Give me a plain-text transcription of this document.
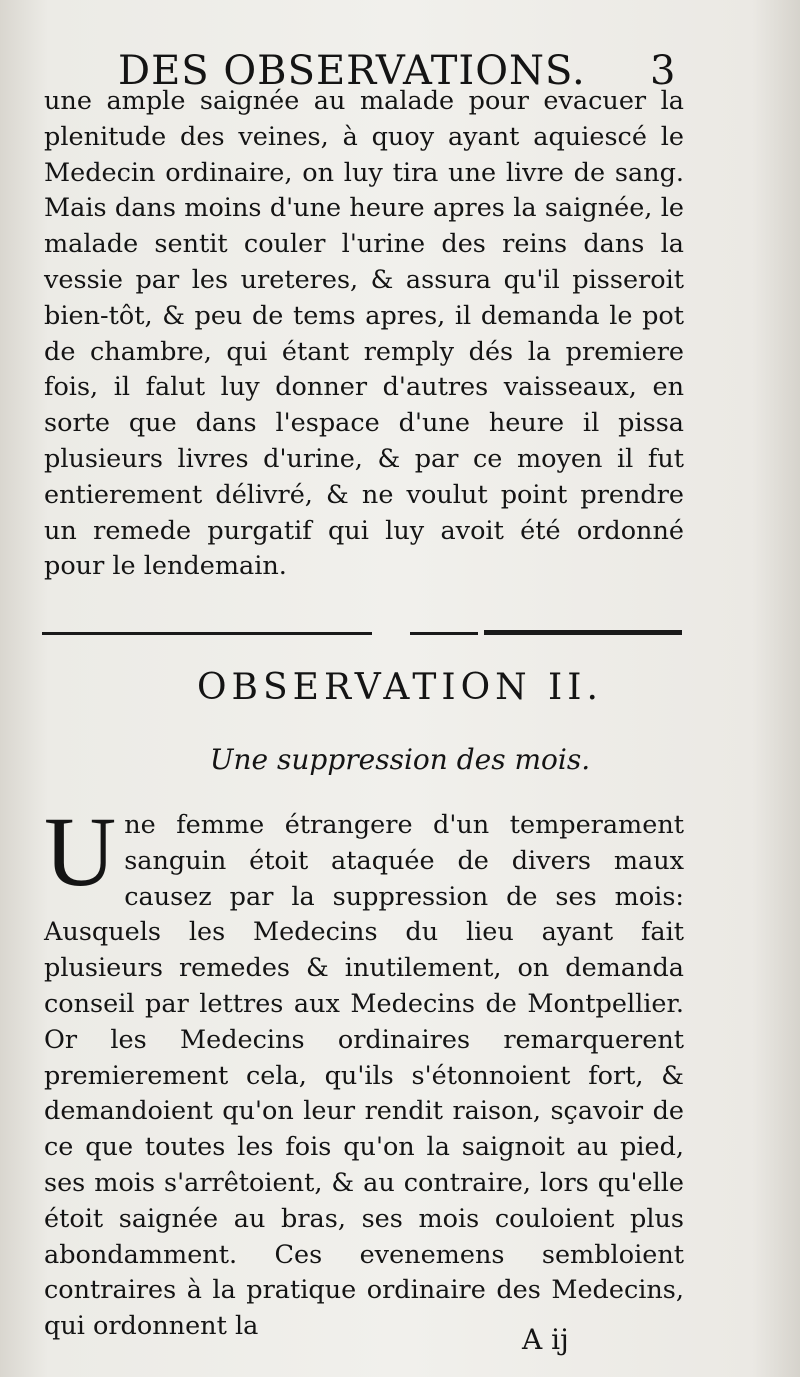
DES OBSERVATIONS. 3

une ample saignée au malade pour evacuer la plenitude des veines, à quoy ayant aquiescé le Medecin ordinaire, on luy tira une livre de sang. Mais dans moins d'une heure apres la saignée, le malade sentit couler l'urine des reins dans la vessie par les ureteres, & assura qu'il pisseroit bien-tôt, & peu de tems apres, il demanda le pot de chambre, qui étant remply dés la premiere fois, il falut luy donner d'autres vaisseaux, en sorte que dans l'espace d'une heure il pissa plusieurs livres d'urine, & par ce moyen il fut entierement délivré, & ne voulut point prendre un remede purgatif qui luy avoit été ordonné pour le lendemain.

OBSERVATION II.
Une suppression des mois.

Une femme étrangere d'un temperament sanguin étoit ataquée de divers maux causez par la suppression de ses mois: Ausquels les Medecins du lieu ayant fait plusieurs remedes & inutilement, on demanda conseil par lettres aux Medecins de Montpellier. Or les Medecins ordinaires remarquerent premierement cela, qu'ils s'étonnoient fort, & demandoient qu'on leur rendit raison, sçavoir de ce que toutes les fois qu'on la saignoit au pied, ses mois s'arrêtoient, & au contraire, lors qu'elle étoit saignée au bras, ses mois couloient plus abondamment. Ces evenemens sembloient contraires à la pratique ordinaire des Medecins, qui ordonnent la	A ij
